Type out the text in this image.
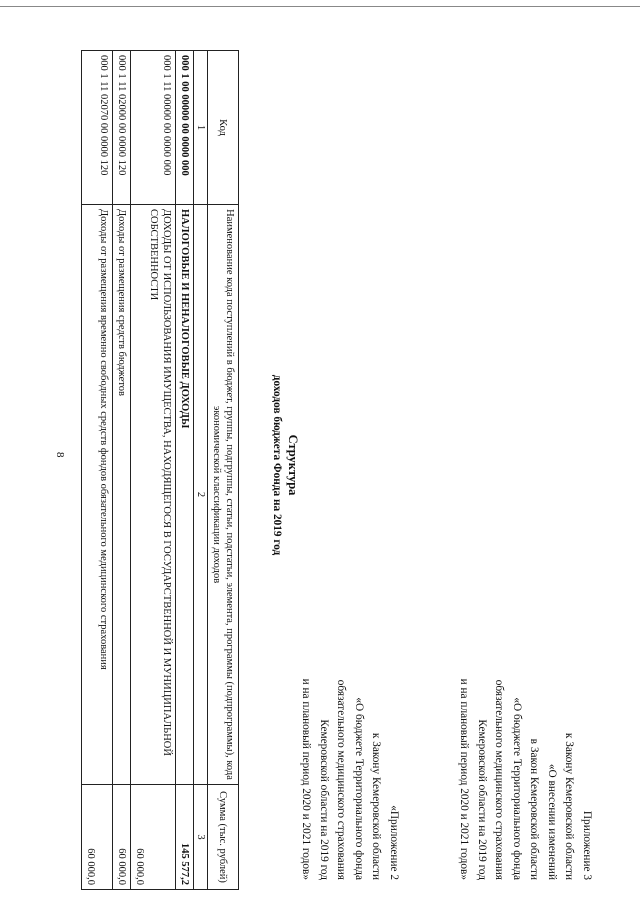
8
Приложение 3
к Закону Кемеровской области
«О внесении изменений
в Закон Кемеровской области
«О бюджете Территориального фонда
обязательного медицинского страхования
Кемеровской области на 2019 год
и на плановый период 2020 и 2021 годов»
«Приложение 2
к Закону Кемеровской области
«О бюджете Территориального фонда
обязательного медицинского страхования
Кемеровской области на 2019 год
и на плановый период 2020 и 2021 годов»
Структура
доходов бюджета Фонда на 2019 год
Код	Наименование кода поступлений в бюджет, группы, подгруппы, статьи, подстатьи, элемента, программы (подпрограммы), кода экономической классификации доходов	Сумма (тыс. рублей)
1	2	3
000 1 00 00000 00 0000 000	НАЛОГОВЫЕ И НЕНАЛОГОВЫЕ ДОХОДЫ	145 577,2
000 1 11 00000 00 0000 000	ДОХОДЫ ОТ ИСПОЛЬЗОВАНИЯ ИМУЩЕСТВА, НАХОДЯЩЕГОСЯ В ГОСУДАРСТВЕННОЙ И МУНИЦИПАЛЬНОЙ СОБСТВЕННОСТИ	60 000,0
000 1 11 02000 00 0000 120	Доходы от размещения средств бюджетов	60 000,0
000 1 11 02070 00 0000 120	Доходы от размещения временно свободных средств фондов обязательного медицинского страхования	60 000,0
